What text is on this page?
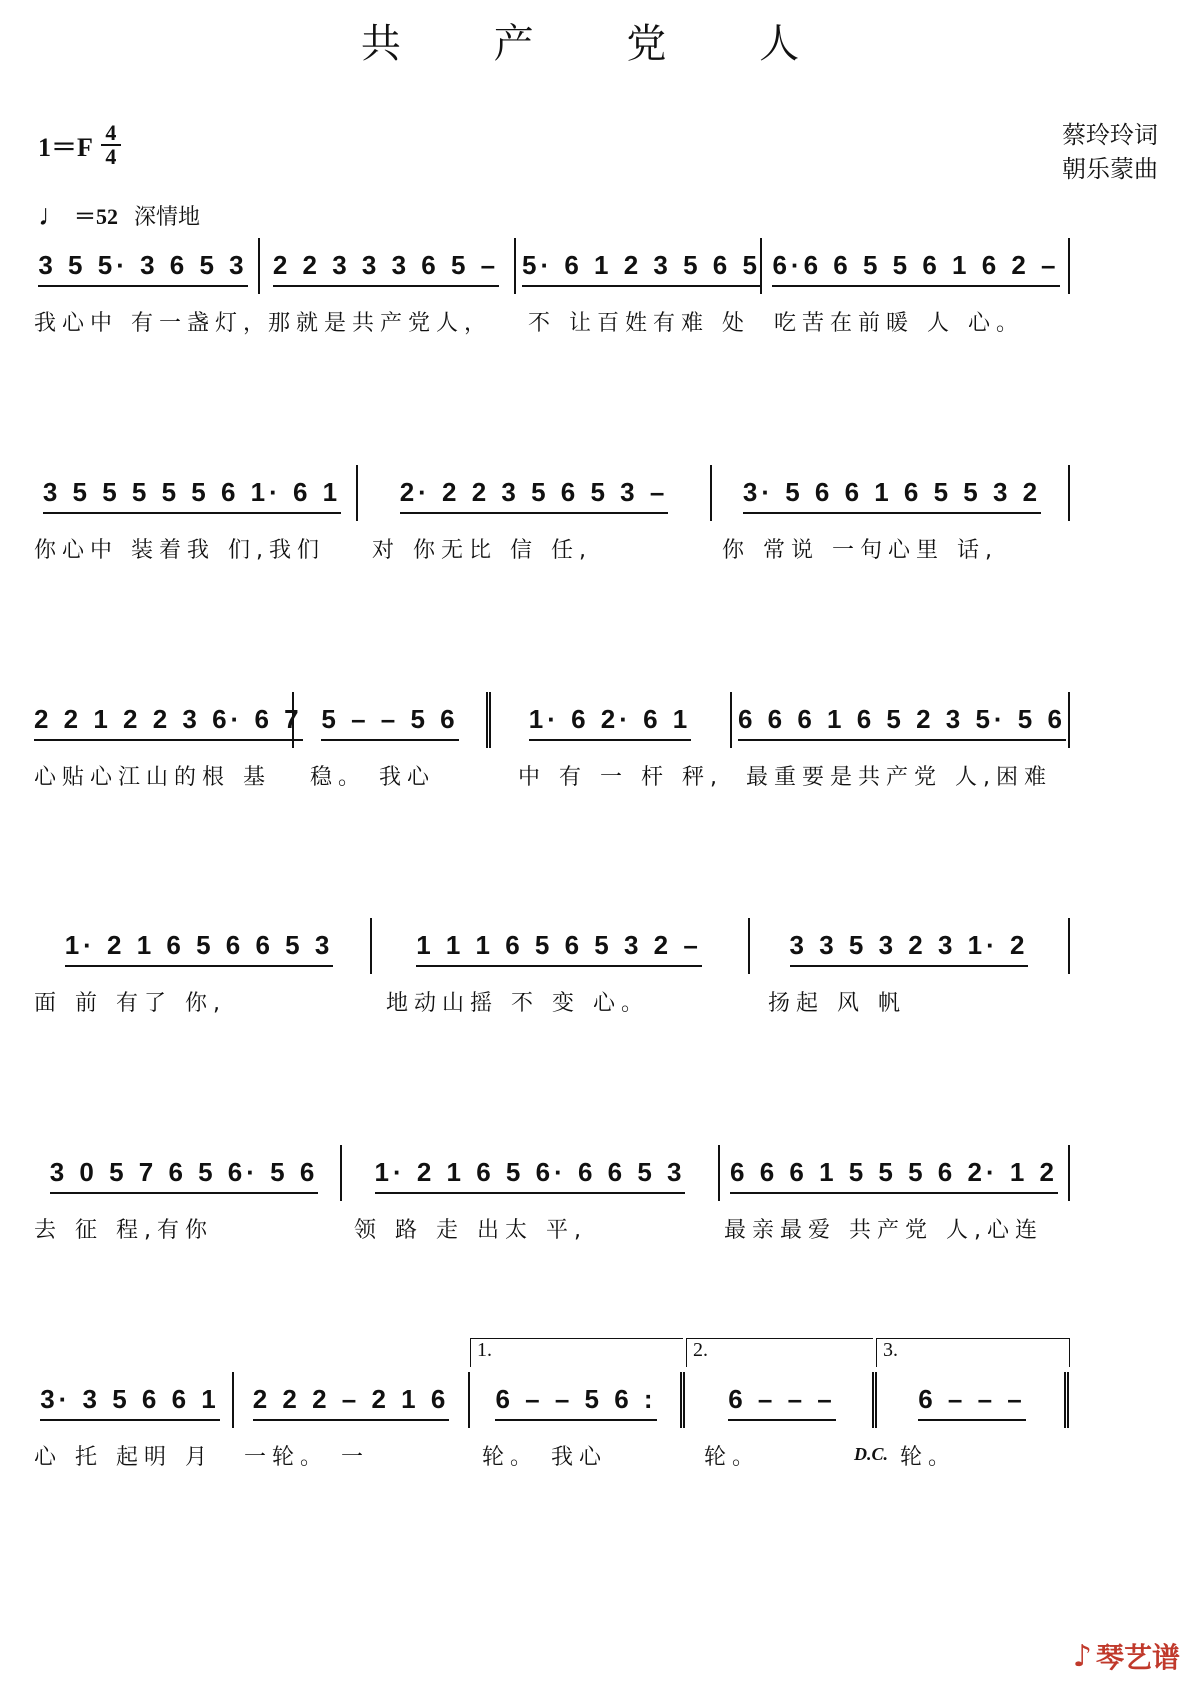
共 产 党 人
$1=F \frac{4}{4}$
♩ ＝52 深情地
蔡玲玲词
朝乐蒙曲
3 5 5· 3 6 5 3 2 2 3 3 3 6 5 – 5· 6 1 2 3 5 6 5 6·6 6 5 5 6 1 6 2 –
我心中 有一盏灯，
那就是共产党人， 不 让百姓有难 处 吃苦在前暖 人 心。
3 5 5 5 5 5 6 1· 6 1 2· 2 2 3 5 6 5 3 –	3· 5 6 6 1 6 5 5 3 2
你心中 装着我 们,我们 对 你无比 信 任,	你 常说 一句心里 话,
2 2 1 2 2 3 6· 6 7 5 – – 5 6	1· 6 2· 6 1 6 6 6 1 6 5 2 3 5· 5 6
心贴心江山的根 基 稳。 我心	中 有 一 杆 秤, 最重要是共产党 人,困难
1· 2 1 6 5 6 6 5 3	1 1 1 6 5 6 5 3 2 –	3 3 5 3 2 3 1· 2
面 前 有了 你,	地动山摇 不 变 心。	扬起 风 帆
3 0 5 7 6 5 6· 5 6 1· 2 1 6 5 6· 6 6 5 3 6 6 6 1 5 5 5 6 2· 1 2
去 征 程,有你	领 路 走 出太 平,	最亲最爱 共产党 人,心连
1.	2.	3.
3· 3 5 6 6 1 2 2 2 – 2 1 6 6 – – 5 6 :	6 – – –	6 – – –
心 托 起明 月 一轮。 一	轮。 我心	轮。	D.C. 轮。
♪ 琴艺谱
